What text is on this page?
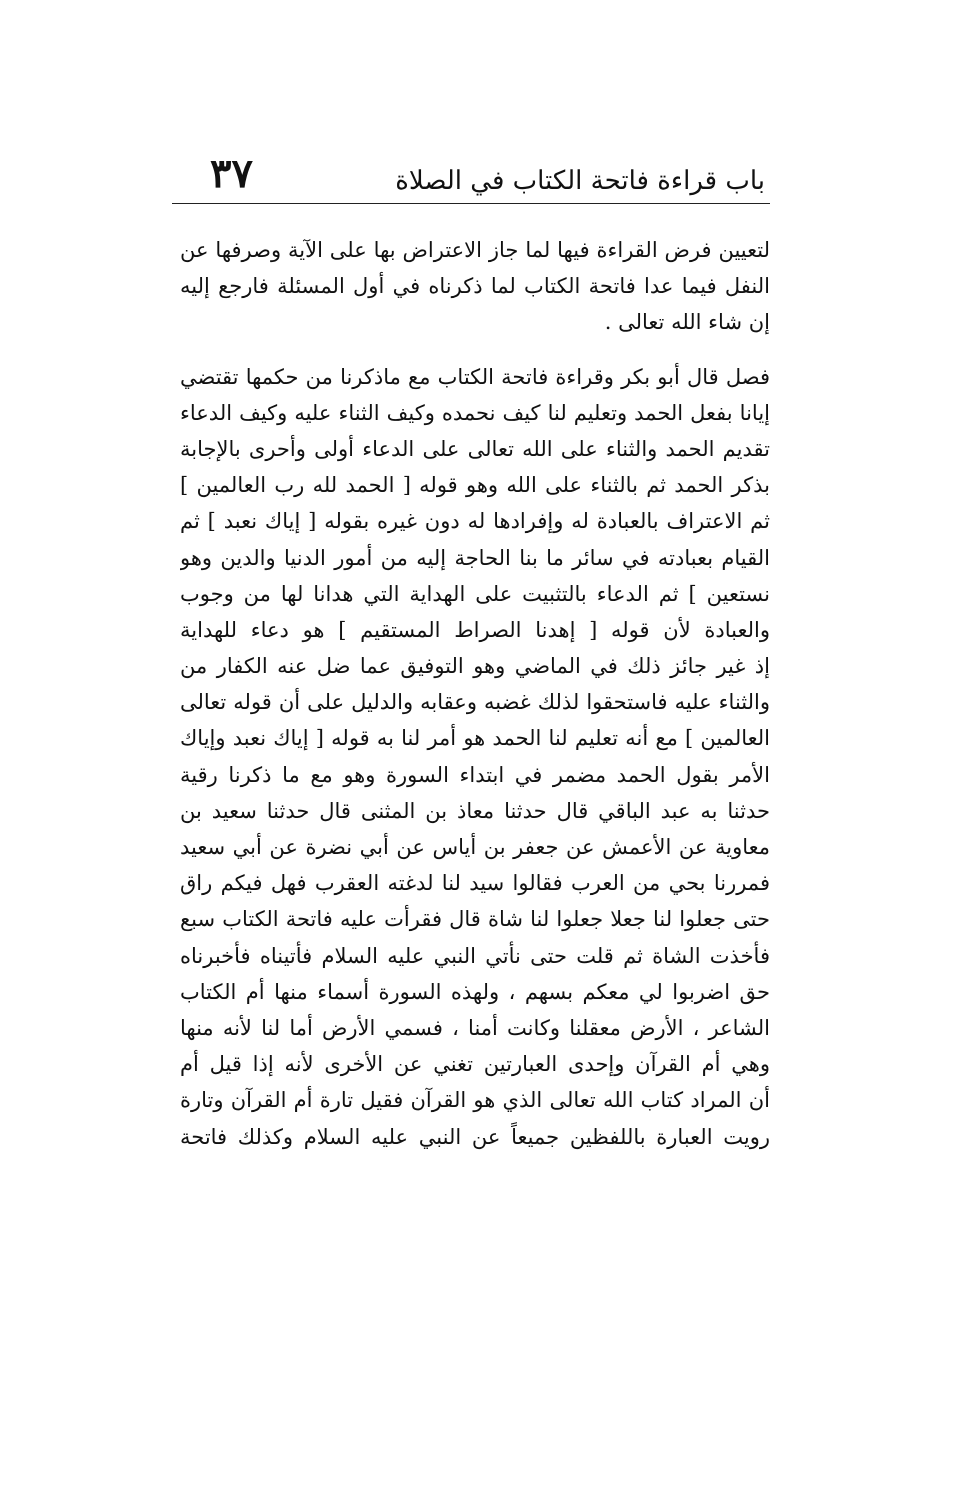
٣٧	باب قراءة فاتحة الكتاب في الصلاة
لتعيين فرض القراءة فيها لما جاز الاعتراض بها على الآية وصرفها عن
النفل فيما عدا فاتحة الكتاب لما ذكرناه في أول المسئلة فارجع إليه
إن شاء الله تعالى .
فصل قال أبو بكر وقراءة فاتحة الكتاب مع ماذكرنا من حكمها تقتضي
إيانا بفعل الحمد وتعليم لنا كيف نحمده وكيف الثناء عليه وكيف الدعاء
تقديم الحمد والثناء على الله تعالى على الدعاء أولى وأحرى بالإجابة
بذكر الحمد ثم بالثناء على الله وهو قوله [ الحمد لله رب العالمين ]
ثم الاعتراف بالعبادة له وإفرادها له دون غيره بقوله [ إياك نعبد ] ثم
القيام بعبادته في سائر ما بنا الحاجة إليه من أمور الدنيا والدين وهو
نستعين ] ثم الدعاء بالتثبيت على الهداية التي هدانا لها من وجوب
والعبادة لأن قوله [ إهدنا الصراط المستقيم ] هو دعاء للهداية
إذ غير جائز ذلك في الماضي وهو التوفيق عما ضل عنه الكفار من
والثناء عليه فاستحقوا لذلك غضبه وعقابه والدليل على أن قوله تعالى
العالمين ] مع أنه تعليم لنا الحمد هو أمر لنا به قوله [ إياك نعبد وإياك
الأمر بقول الحمد مضمر في ابتداء السورة وهو مع ما ذكرنا رقية
حدثنا به عبد الباقي قال حدثنا معاذ بن المثنى قال حدثنا سعيد بن
معاوية عن الأعمش عن جعفر بن أياس عن أبي نضرة عن أبي سعيد
فمررنا بحي من العرب فقالوا سيد لنا لدغته العقرب فهل فيكم راق
حتى جعلوا لنا جعلا جعلوا لنا شاة قال فقرأت عليه فاتحة الكتاب سبع
فأخذت الشاة ثم قلت حتى نأتي النبي عليه السلام فأتيناه فأخبرناه
حق اضربوا لي معكم بسهم ، ولهذه السورة أسماء منها أم الكتاب
الشاعر ، الأرض معقلنا وكانت أمنا ، فسمي الأرض أما لنا لأنه منها
وهي أم القرآن وإحدى العبارتين تغني عن الأخرى لأنه إذا قيل أم
أن المراد كتاب الله تعالى الذي هو القرآن فقيل تارة أم القرآن وتارة
رويت العبارة باللفظين جميعاً عن النبي عليه السلام وكذلك فاتحة
